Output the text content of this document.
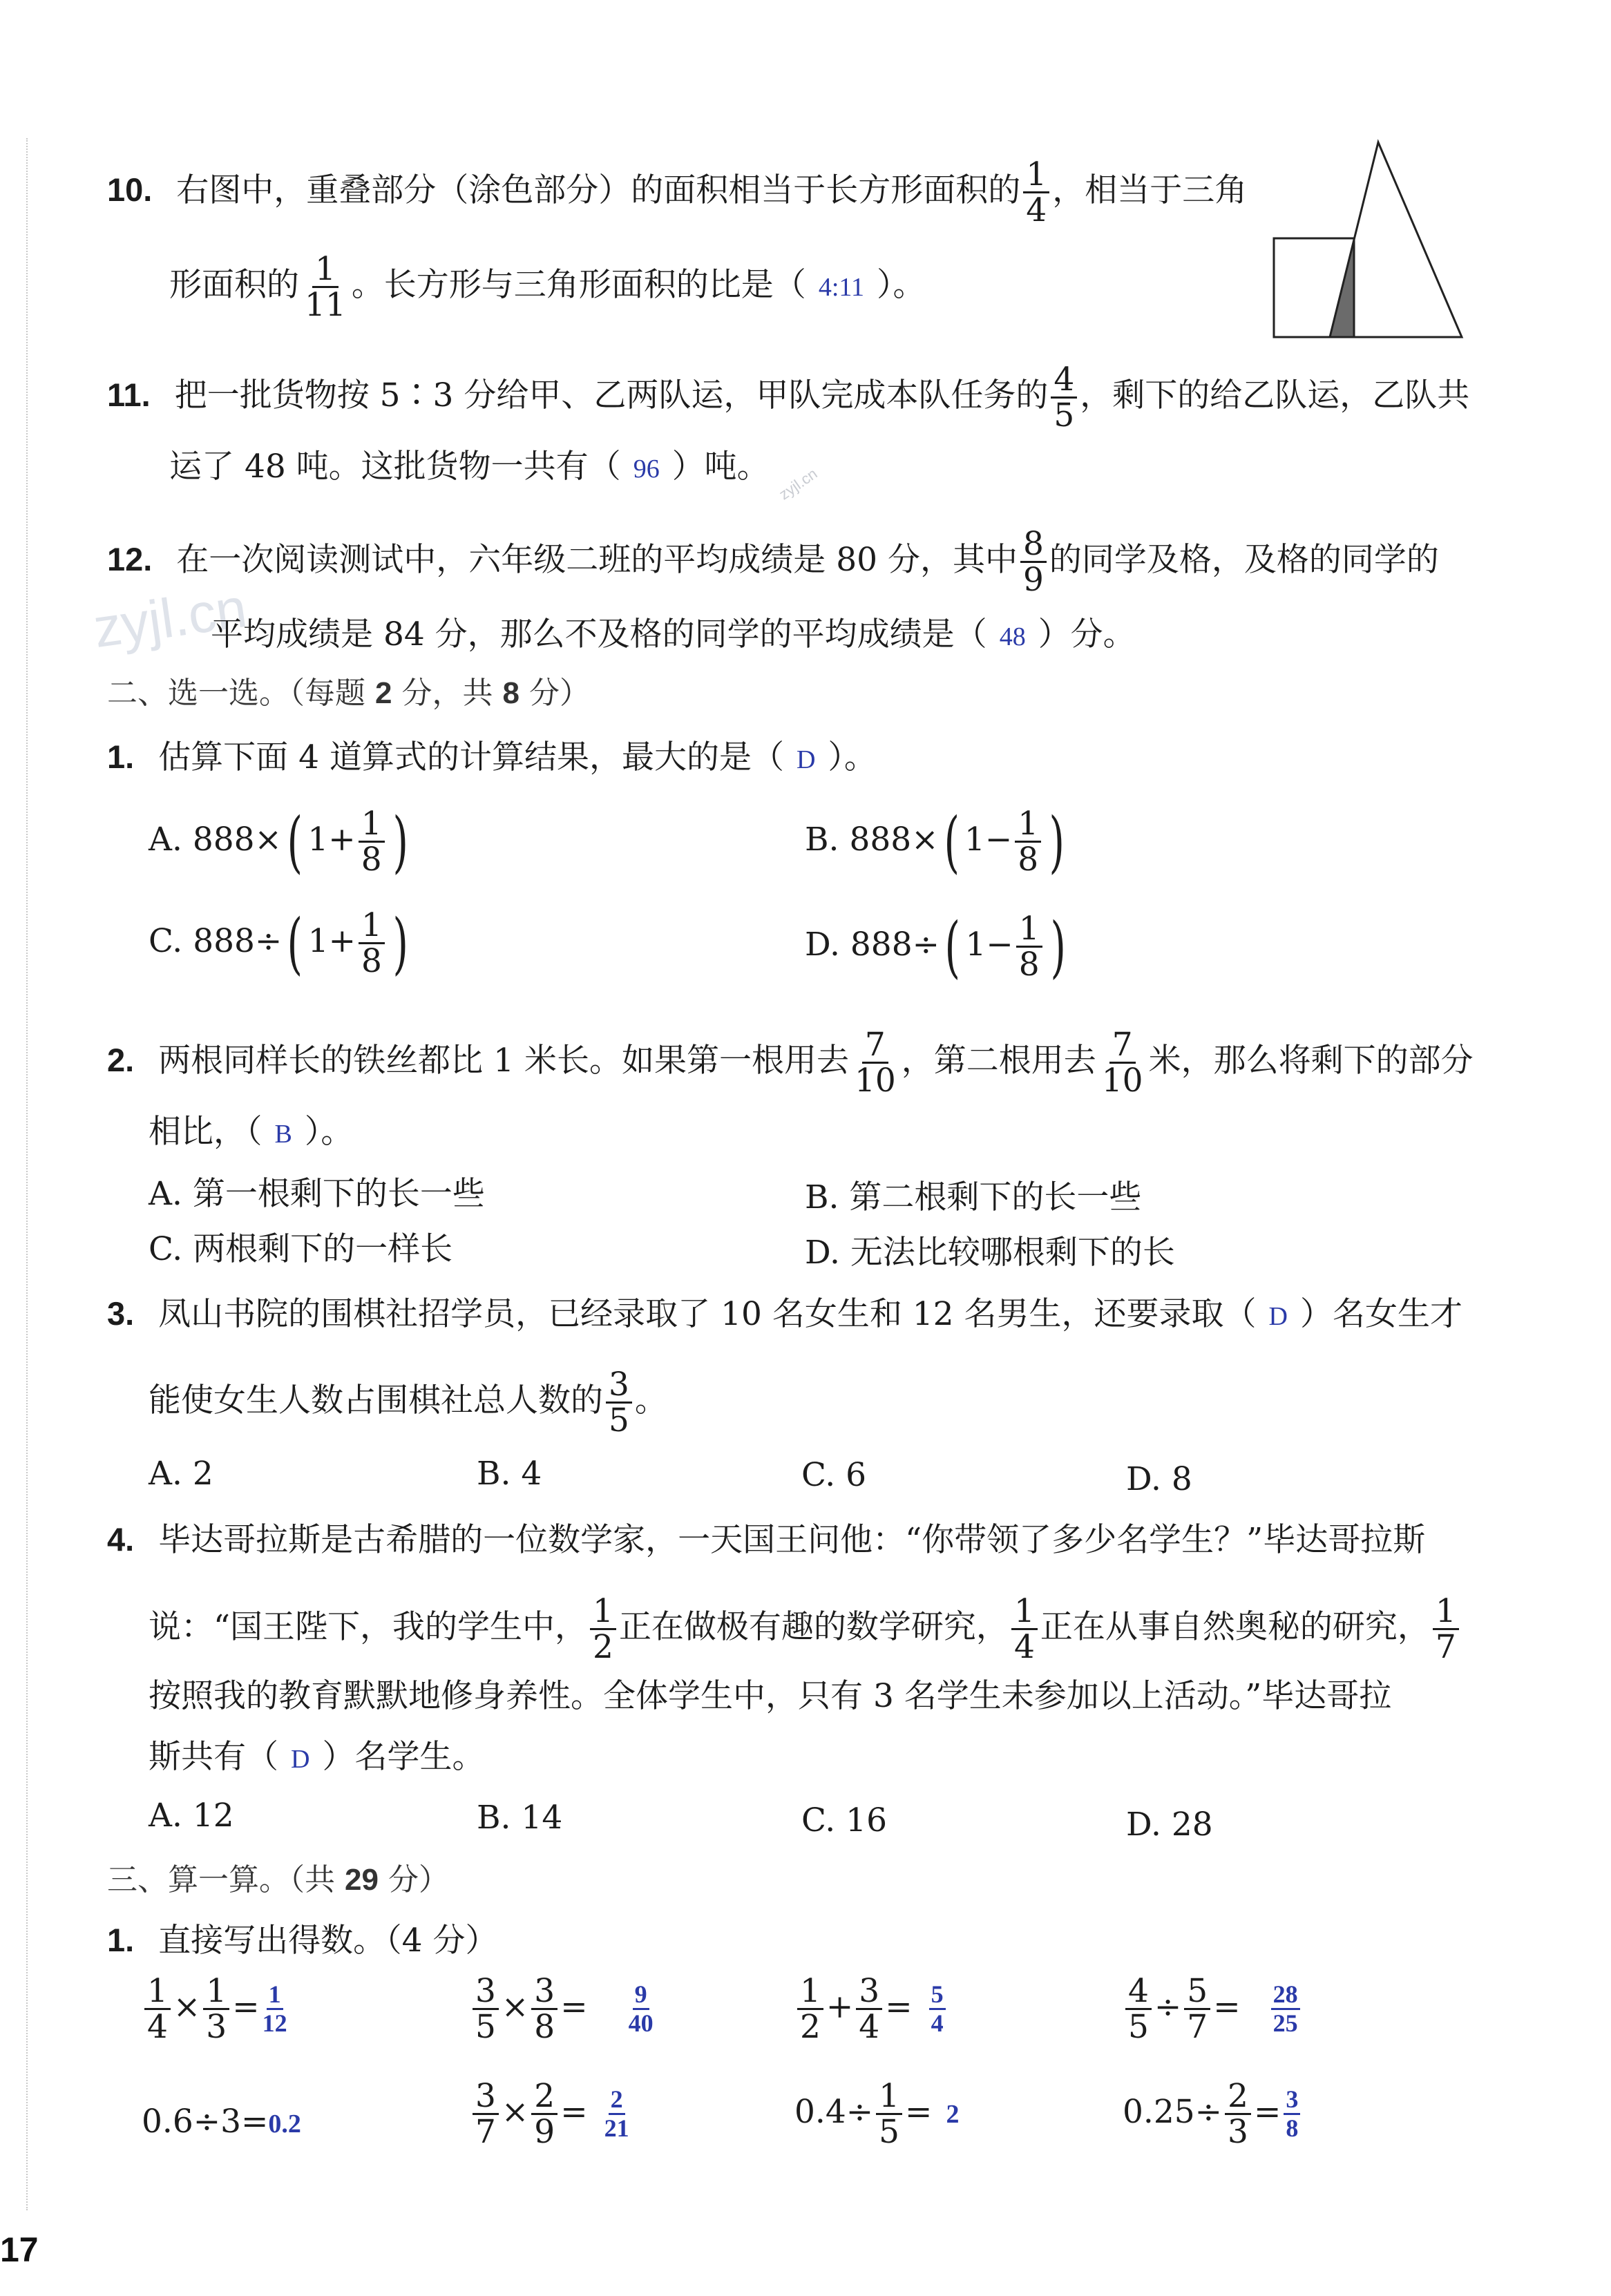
zyjl.cn
zyjl.cn
10. 右图中，重叠部分（涂色部分）的面积相当于长方形面积的 $\frac{1}{4}$ ，相当于三角
形面积的 $\frac{1}{11}$ 。长方形与三角形面积的比是（ 4:11 ）。
11. 把一批货物按 5∶3 分给甲、乙两队运，甲队完成本队任务的 $\frac{4}{5}$ ，剩下的给乙队运，乙队共
运了 48 吨。这批货物一共有（ 96 ）吨。
12. 在一次阅读测试中，六年级二班的平均成绩是 80 分，其中 $\frac{8}{9}$ 的同学及格，及格的同学的
平均成绩是 84 分，那么不及格的同学的平均成绩是（ 48 ）分。
二、选一选。（每题 2 分，共 8 分）
1. 估算下面 4 道算式的计算结果，最大的是（ D ）。
A. 888×( $1+ \frac{1}{8}$ )	B. 888×( $1- \frac{1}{8}$ )
C. 888÷( $1+ \frac{1}{8}$ )	D. 888÷( $1- \frac{1}{8}$ )
2. 两根同样长的铁丝都比 1 米长。如果第一根用去 $\frac{7}{10}$ ，第二根用去 $\frac{7}{10}$ 米，那么将剩下的部分
相比，（ B ）。
A. 第一根剩下的长一些	B. 第二根剩下的长一些
C. 两根剩下的一样长	D. 无法比较哪根剩下的长
3. 凤山书院的围棋社招学员，已经录取了 10 名女生和 12 名男生，还要录取（ D ）名女生才
能使女生人数占围棋社总人数的 $\frac{3}{5}$ 。
A. 2	B. 4	C. 6	D. 8
4. 毕达哥拉斯是古希腊的一位数学家，一天国王问他：“你带领了多少名学生？”毕达哥拉斯
说：“国王陛下，我的学生中， $\frac{1}{2}$ 正在做极有趣的数学研究， $\frac{1}{4}$ 正在从事自然奥秘的研究， $\frac{1}{7}$
按照我的教育默默地修身养性。全体学生中，只有 3 名学生未参加以上活动。”毕达哥拉
斯共有（ D ）名学生。
A. 12	B. 14	C. 16	D. 28
三、算一算。（共 29 分）
1. 直接写出得数。（4 分）
$\frac{1}{4} \times \frac{1}{3} = \frac{1}{12}$	$\frac{3}{5} \times \frac{3}{8} = \frac{9}{40}$	$\frac{1}{2} + \frac{3}{4} = \frac{5}{4}$	$\frac{4}{5} \div \frac{5}{7} = \frac{28}{25}$
0.6÷3=0.2	$\frac{3}{7} \times \frac{2}{9} = \frac{2}{21}$	$0.4\div \frac{1}{5} = 2$	$0.25\div \frac{2}{3} = \frac{3}{8}$
17
